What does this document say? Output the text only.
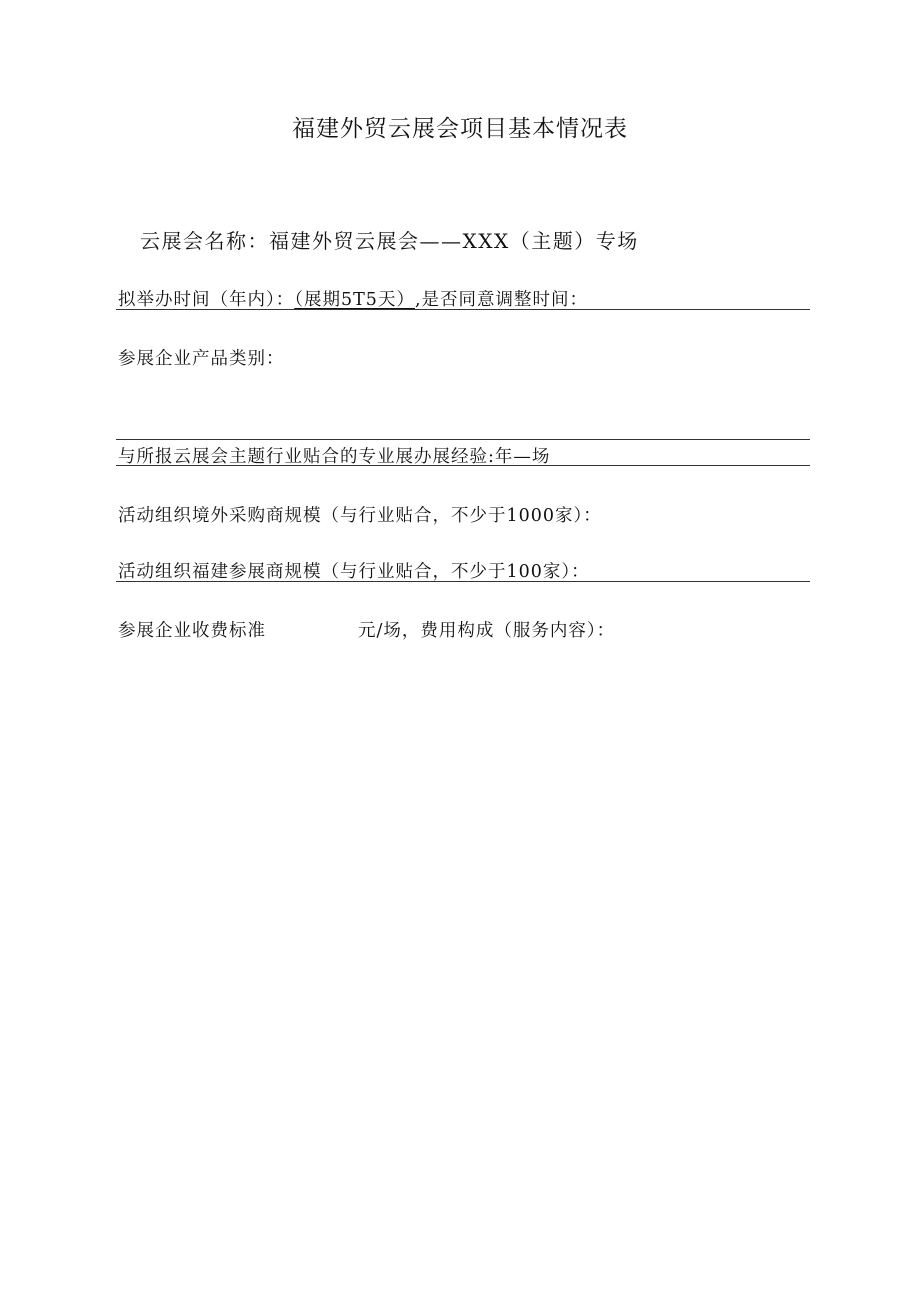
福建外贸云展会项目基本情况表
云展会名称：福建外贸云展会——XXX（主题）专场
拟举办时间（年内）：（展期5T5天）,是否同意调整时间：
参展企业产品类别：
与所报云展会主题行业贴合的专业展办展经验:年—场
活动组织境外采购商规模（与行业贴合，不少于1000家）：
活动组织福建参展商规模（与行业贴合，不少于100家）：
参展企业收费标准	元/场，费用构成（服务内容）：
